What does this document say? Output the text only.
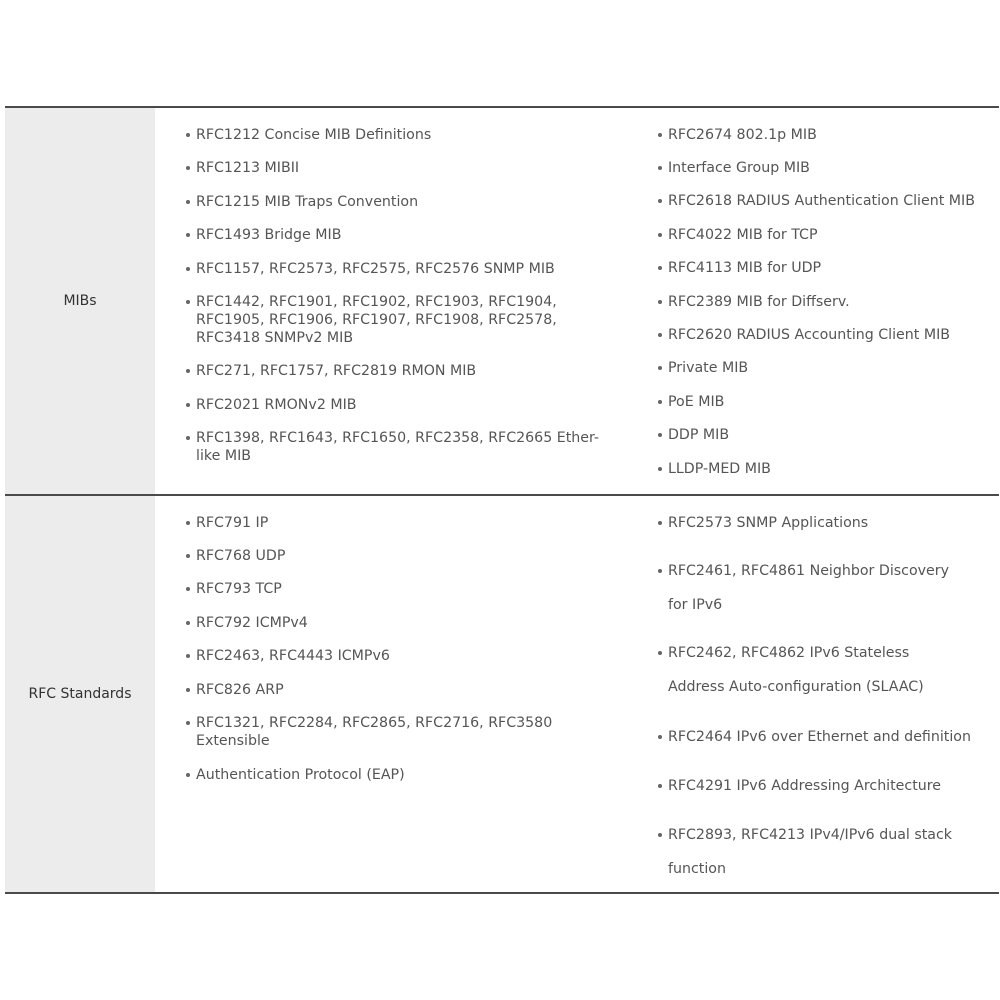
MIBs
RFC1212 Concise MIB Definitions
RFC1213 MIBII
RFC1215 MIB Traps Convention
RFC1493 Bridge MIB
RFC1157, RFC2573, RFC2575, RFC2576 SNMP MIB
RFC1442, RFC1901, RFC1902, RFC1903, RFC1904, RFC1905, RFC1906, RFC1907, RFC1908, RFC2578, RFC3418 SNMPv2 MIB
RFC271, RFC1757, RFC2819 RMON MIB
RFC2021 RMONv2 MIB
RFC1398, RFC1643, RFC1650, RFC2358, RFC2665 Ether-like MIB
RFC2674 802.1p MIB
Interface Group MIB
RFC2618 RADIUS Authentication Client MIB
RFC4022 MIB for TCP
RFC4113 MIB for UDP
RFC2389 MIB for Diffserv.
RFC2620 RADIUS Accounting Client MIB
Private MIB
PoE MIB
DDP MIB
LLDP-MED MIB
RFC Standards
RFC791 IP
RFC768 UDP
RFC793 TCP
RFC792 ICMPv4
RFC2463, RFC4443 ICMPv6
RFC826 ARP
RFC1321, RFC2284, RFC2865, RFC2716, RFC3580 Extensible
Authentication Protocol (EAP)
RFC2573 SNMP Applications
RFC2461, RFC4861 Neighbor Discovery for IPv6
RFC2462, RFC4862 IPv6 Stateless Address Auto-configuration (SLAAC)
RFC2464 IPv6 over Ethernet and definition
RFC4291 IPv6 Addressing Architecture
RFC2893, RFC4213 IPv4/IPv6 dual stack function
